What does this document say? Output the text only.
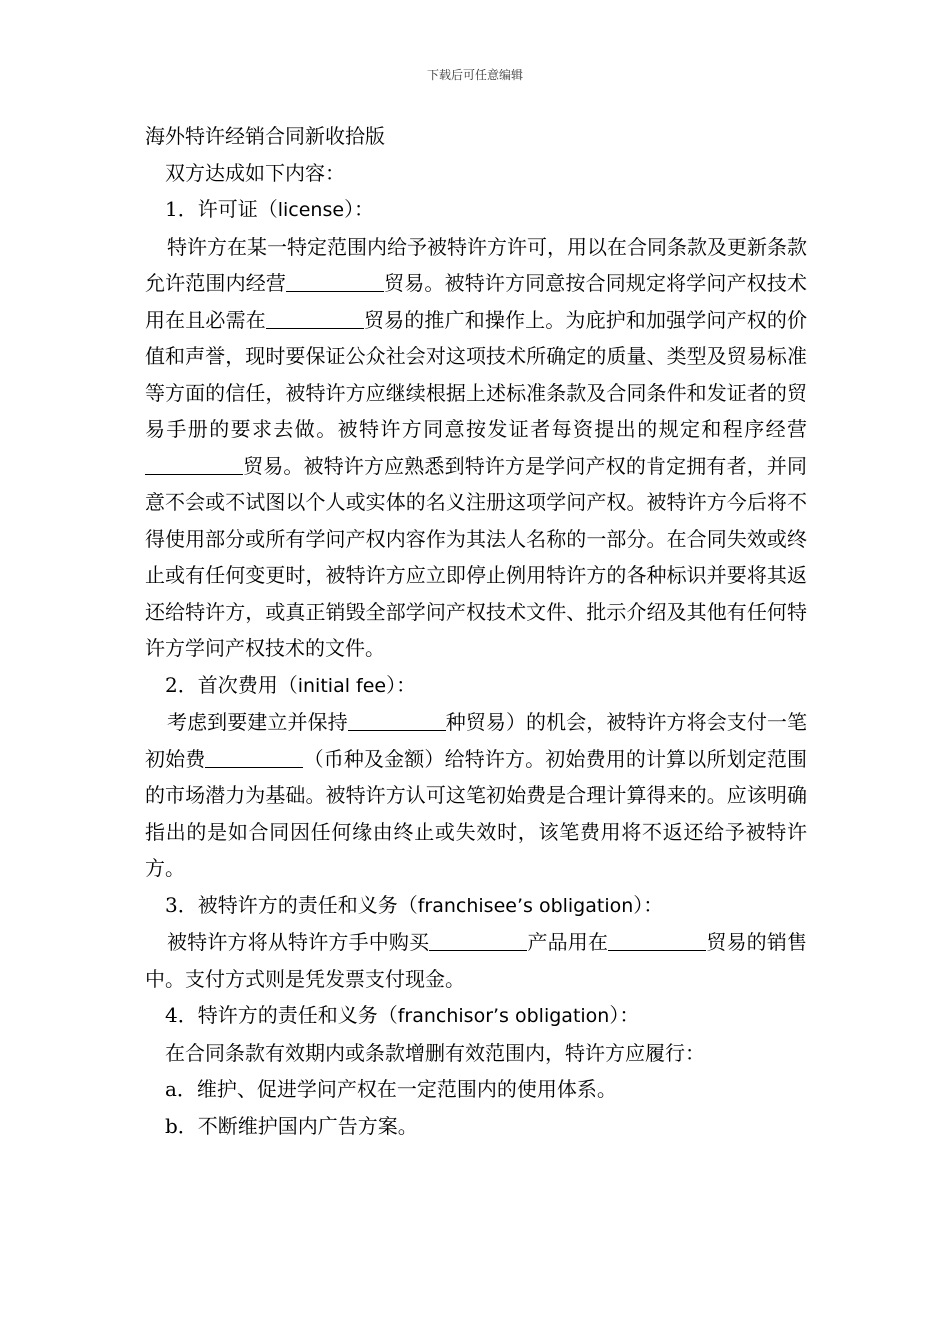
下载后可任意编辑

海外特许经销合同新收拾版

双方达成如下内容：

1．许可证（license）：

特许方在某一特定范围内给予被特许方许可，用以在合同条款及更新条款允许范围内经营	贸易。被特许方同意按合同规定将学问产权技术用在且必需在	贸易的推广和操作上。为庇护和加强学问产权的价值和声誉，现时要保证公众社会对这项技术所确定的质量、类型及贸易标准等方面的信任，被特许方应继续根据上述标准条款及合同条件和发证者的贸易手册的要求去做。被特许方同意按发证者每资提出的规定和程序经营贸易。被特许方应熟悉到特许方是学问产权的肯定拥有者，并同意不会或不试图以个人或实体的名义注册这项学问产权。被特许方今后将不得使用部分或所有学问产权内容作为其法人名称的一部分。在合同失效或终止或有任何变更时，被特许方应立即停止例用特许方的各种标识并要将其返还给特许方，或真正销毁全部学问产权技术文件、批示介绍及其他有任何特许方学问产权技术的文件。

2．首次费用（initial fee）：

考虑到要建立并保持	种贸易）的机会，被特许方将会支付一笔初始费	（币种及金额）给特许方。初始费用的计算以所划定范围的市场潜力为基础。被特许方认可这笔初始费是合理计算得来的。应该明确指出的是如合同因任何缘由终止或失效时，该笔费用将不返还给予被特许方。

3．被特许方的责任和义务（franchisee’s obligation）：

被特许方将从特许方手中购买	产品用在	贸易的销售中。支付方式则是凭发票支付现金。

4．特许方的责任和义务（franchisor’s obligation）：

在合同条款有效期内或条款增删有效范围内，特许方应履行：

a．维护、促进学问产权在一定范围内的使用体系。

b．不断维护国内广告方案。
